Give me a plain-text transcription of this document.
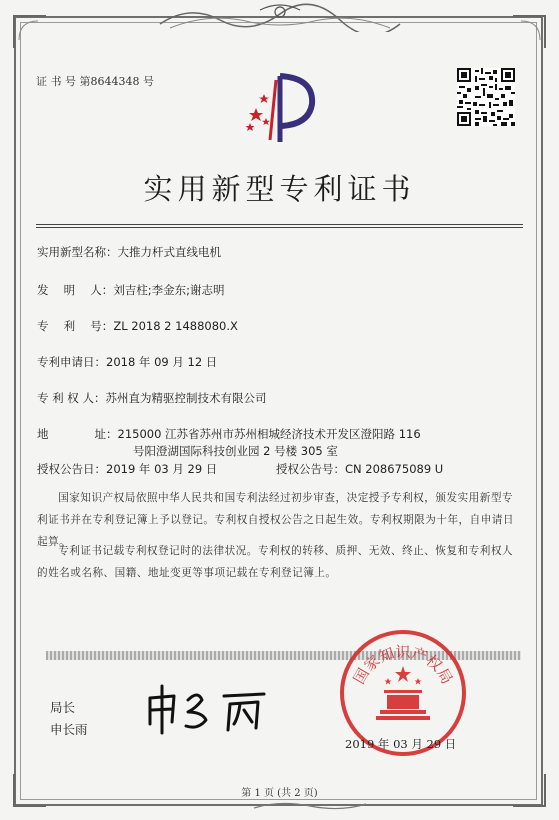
证 书 号 第8644348 号
实用新型专利证书
实用新型名称：大推力杆式直线电机
发　 明　 人：刘吉柱;李金东;谢志明
专　 利　 号：ZL 2018 2 1488080.X
专利申请日：2018 年 09 月 12 日
专 利 权 人：苏州直为精驱控制技术有限公司
地　　　　址：215000 江苏省苏州市苏州相城经济技术开发区澄阳路 116
号阳澄湖国际科技创业园 2 号楼 305 室
授权公告日：2019 年 03 月 29 日	授权公告号：CN 208675089 U
国家知识产权局依照中华人民共和国专利法经过初步审查，决定授予专利权，颁发实用新型专利证书并在专利登记簿上予以登记。专利权自授权公告之日起生效。专利权期限为十年，自申请日起算。
专利证书记载专利权登记时的法律状况。专利权的转移、质押、无效、终止、恢复和专利权人的姓名或名称、国籍、地址变更等事项记载在专利登记簿上。
局长
申长雨
国家知识产权局
2019 年 03 月 29 日
第 1 页 (共 2 页)
